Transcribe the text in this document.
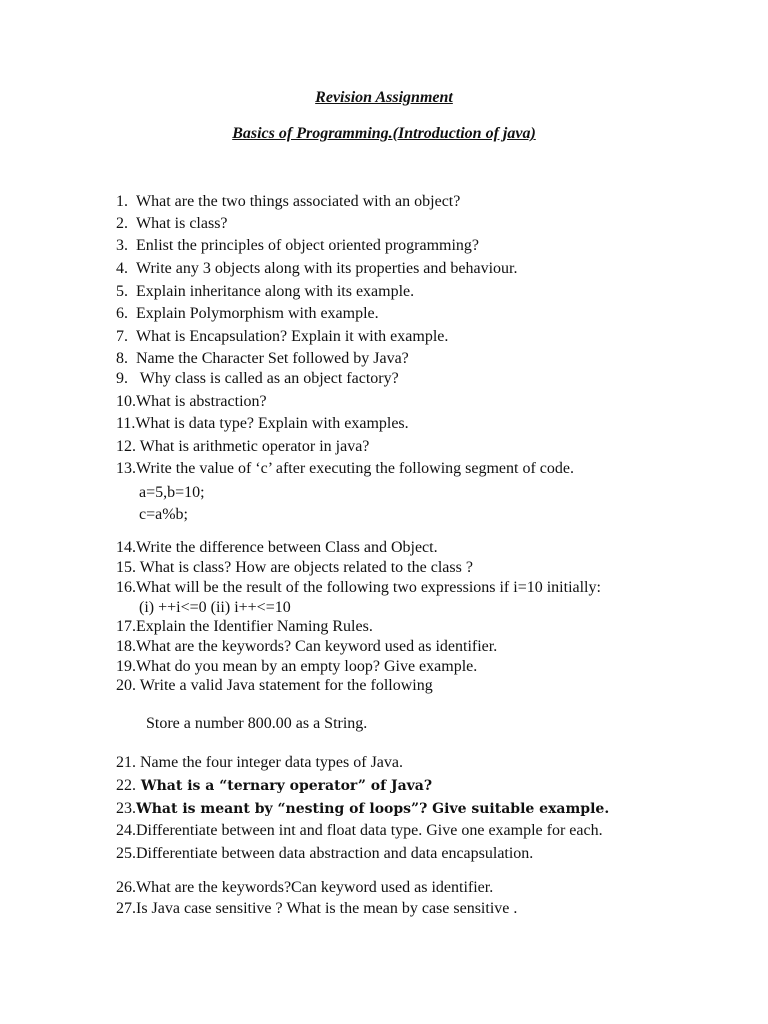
Revision Assignment
Basics of Programming.(Introduction of java)
1. What are the two things associated with an object?
2. What is class?
3. Enlist the principles of object oriented programming?
4. Write any 3 objects along with its properties and behaviour.
5. Explain inheritance along with its example.
6. Explain Polymorphism with example.
7. What is Encapsulation? Explain it with example.
8. Name the Character Set followed by Java?
9. Why class is called as an object factory?
10.What is abstraction?
11.What is data type? Explain with examples.
12. What is arithmetic operator in java?
13.Write the value of ‘c’ after executing the following segment of code.
a=5,b=10;
c=a%b;
14.Write the difference between Class and Object.
15. What is class? How are objects related to the class ?
16.What will be the result of the following two expressions if i=10 initially:
(i) ++i<=0 (ii) i++<=10
17.Explain the Identifier Naming Rules.
18.What are the keywords? Can keyword used as identifier.
19.What do you mean by an empty loop? Give example.
20. Write a valid Java statement for the following
Store a number 800.00 as a String.
21. Name the four integer data types of Java.
22. What is a “ternary operator” of Java?
23.What is meant by “nesting of loops”? Give suitable example.
24.Differentiate between int and float data type. Give one example for each.
25.Differentiate between data abstraction and data encapsulation.
26.What are the keywords?Can keyword used as identifier.
27.Is Java case sensitive ? What is the mean by case sensitive .
